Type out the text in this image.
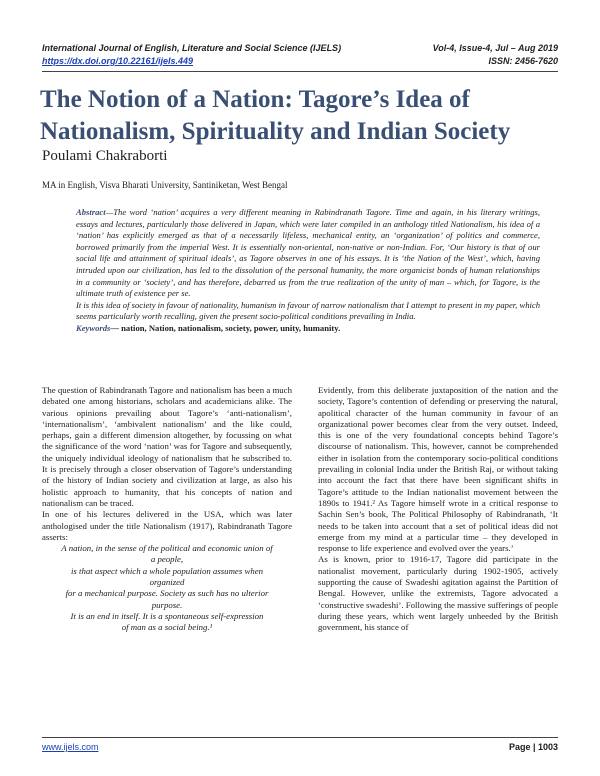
International Journal of English, Literature and Social Science (IJELS)	Vol-4, Issue-4, Jul – Aug 2019
https://dx.doi.org/10.22161/ijels.449	ISSN: 2456-7620
The Notion of a Nation: Tagore’s Idea of Nationalism, Spirituality and Indian Society
Poulami Chakraborti
MA in English, Visva Bharati University, Santiniketan, West Bengal

Abstract—The word ‘nation’ acquires a very different meaning in Rabindranath Tagore. Time and again, in his literary writings, essays and lectures, particularly those delivered in Japan, which were later compiled in an anthology titled Nationalism, his idea of a ‘nation’ has explicitly emerged as that of a necessarily lifeless, mechanical entity, an ‘organization’ of politics and commerce, borrowed primarily from the imperial West. It is essentially non-oriental, non-native or non-Indian. For, ‘Our history is that of our social life and attainment of spiritual ideals’, as Tagore observes in one of his essays. It is ‘the Nation of the West’, which, having intruded upon our civilization, has led to the dissolution of the personal humanity, the more organicist bonds of human relationships in a community or ‘society’, and has therefore, debarred us from the true realization of the unity of man – which, for Tagore, is the ultimate truth of existence per se.

It is this idea of society in favour of nationality, humanism in favour of narrow nationalism that I attempt to present in my paper, which seems particularly worth recalling, given the present socio-political conditions prevailing in India.

Keywords— nation, Nation, nationalism, society, power, unity, humanity.

The question of Rabindranath Tagore and nationalism has been a much debated one among historians, scholars and academicians alike. The various opinions prevailing about Tagore’s ‘anti-nationalism’, ‘internationalism’, ‘ambivalent nationalism’ and the like could, perhaps, gain a different dimension altogether, by focussing on what the significance of the word ‘nation’ was for Tagore and subsequently, the uniquely individual ideology of nationalism that he subscribed to. It is precisely through a closer observation of Tagore’s understanding of the history of Indian society and civilization at large, as also his holistic approach to humanity, that his concepts of nation and nationalism can be traced.

In one of his lectures delivered in the USA, which was later anthologised under the title Nationalism (1917), Rabindranath Tagore asserts:

A nation, in the sense of the political and economic union of

a people,

is that aspect which a whole population assumes when

organized

for a mechanical purpose. Society as such has no ulterior

purpose.

It is an end in itself. It is a spontaneous self-expression

of man as a social being.¹

Evidently, from this deliberate juxtaposition of the nation and the society, Tagore’s contention of defending or preserving the natural, apolitical character of the human community in favour of an organizational power becomes clear from the very outset. Indeed, this is one of the very foundational concepts behind Tagore’s discourse of nationalism. This, however, cannot be comprehended either in isolation from the contemporary socio-political conditions prevailing in colonial India under the British Raj, or without taking into account the fact that there have been significant shifts in Tagore’s attitude to the Indian nationalist movement between the 1890s to 1941.² As Tagore himself wrote in a critical response to Sachin Sen’s book, The Political Philosophy of Rabindranath, ‘It needs to be taken into account that a set of political ideas did not emerge from my mind at a particular time – they developed in response to life experience and evolved over the years.’

As is known, prior to 1916-17, Tagore did participate in the nationalist movement, particularly during 1902-1905, actively supporting the cause of Swadeshi agitation against the Partition of Bengal. However, unlike the extremists, Tagore advocated a ‘constructive swadeshi’. Following the massive sufferings of people during these years, which went largely unheeded by the British government, his stance of

www.ijels.com	Page | 1003
